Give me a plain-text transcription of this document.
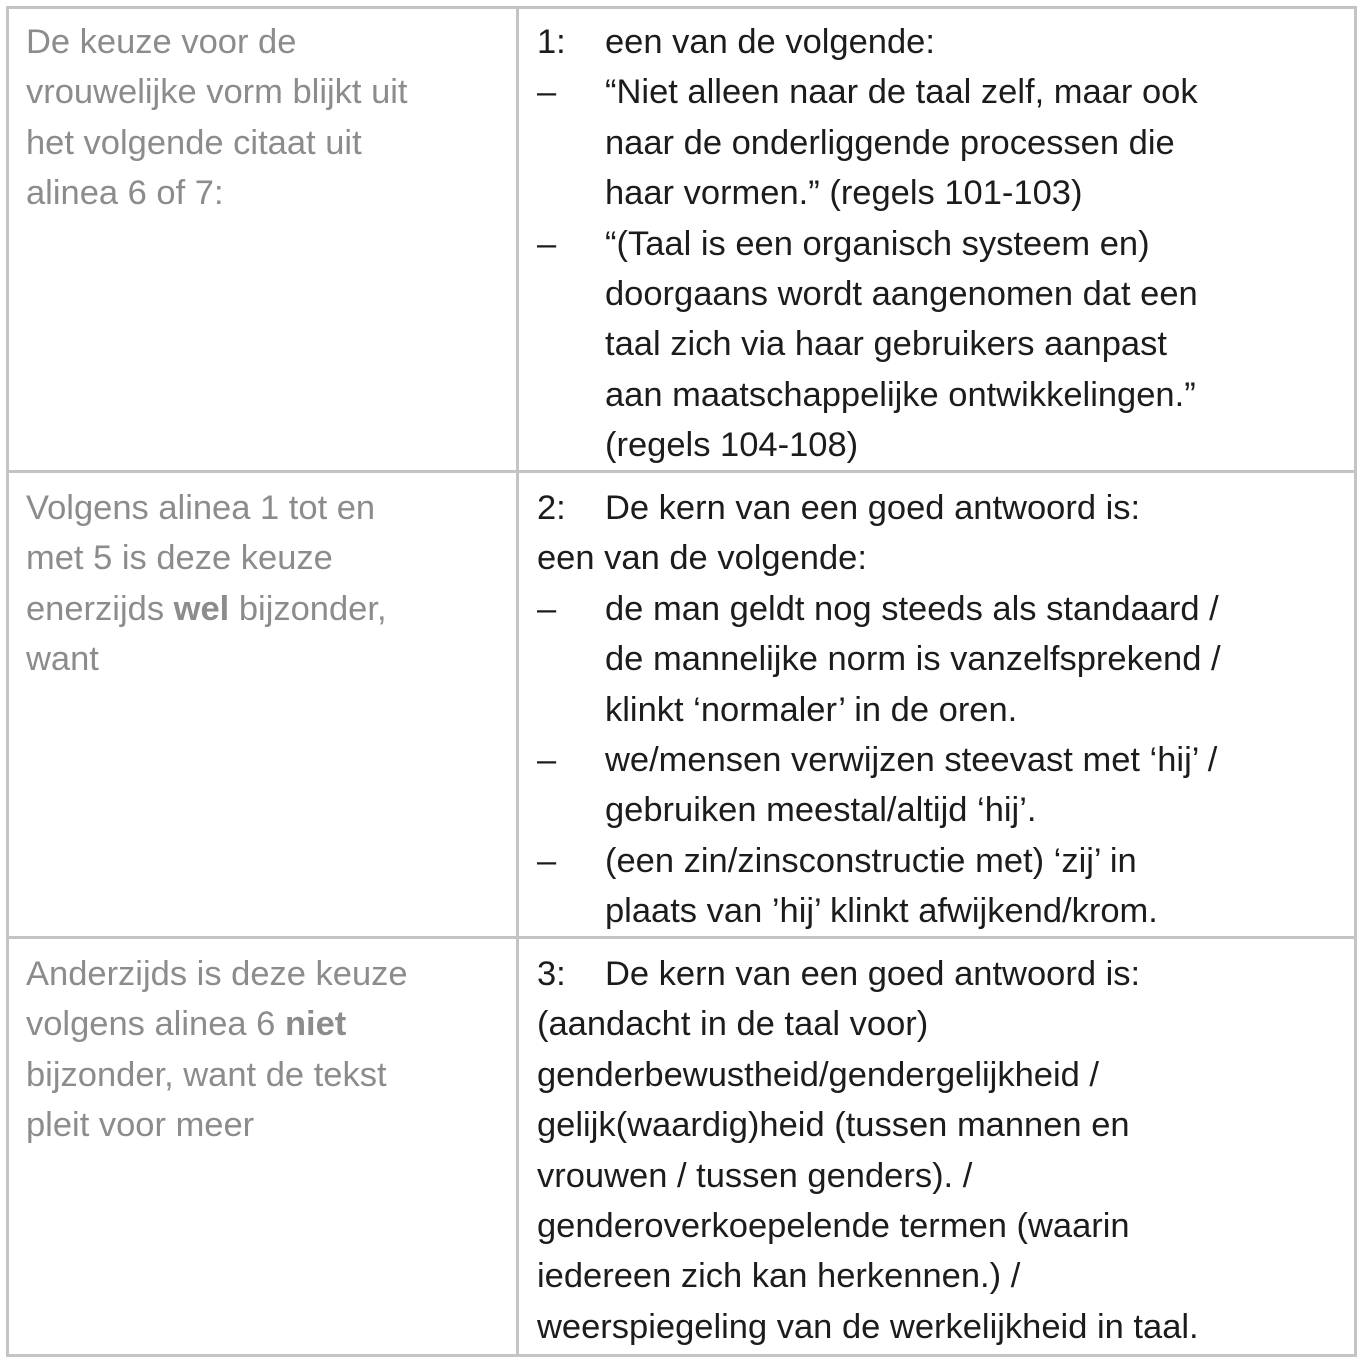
De keuze voor de
vrouwelijke vorm blijkt uit
het volgende citaat uit
alinea 6 of 7:
1: een van de volgende:
– “Niet alleen naar de taal zelf, maar ook
naar de onderliggende processen die
haar vormen.” (regels 101-103)
– “(Taal is een organisch systeem en)
doorgaans wordt aangenomen dat een
taal zich via haar gebruikers aanpast
aan maatschappelijke ontwikkelingen.”
(regels 104-108)
Volgens alinea 1 tot en
met 5 is deze keuze
enerzijds wel bijzonder,
want
2: De kern van een goed antwoord is:
een van de volgende:
– de man geldt nog steeds als standaard /
de mannelijke norm is vanzelfsprekend /
klinkt ‘normaler’ in de oren.
– we/mensen verwijzen steevast met ‘hij’ /
gebruiken meestal/altijd ‘hij’.
– (een zin/zinsconstructie met) ‘zij’ in
plaats van ’hij’ klinkt afwijkend/krom.
Anderzijds is deze keuze
volgens alinea 6 niet
bijzonder, want de tekst
pleit voor meer
3: De kern van een goed antwoord is:
(aandacht in de taal voor)
genderbewustheid/gendergelijkheid /
gelijk(waardig)heid (tussen mannen en
vrouwen / tussen genders). /
genderoverkoepelende termen (waarin
iedereen zich kan herkennen.) /
weerspiegeling van de werkelijkheid in taal.
